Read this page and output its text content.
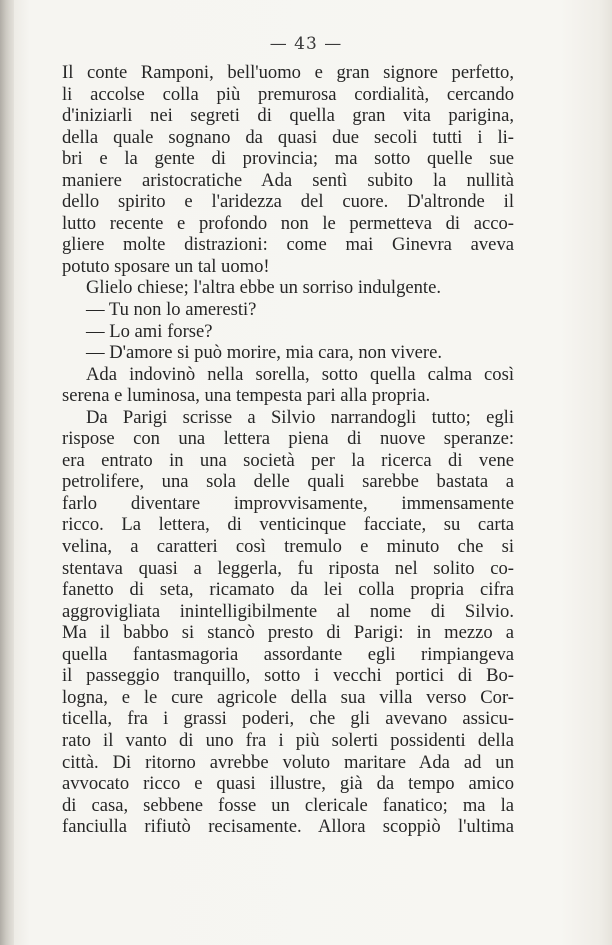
— 43 —
Il conte Ramponi, bell'uomo e gran signore perfetto,
li accolse colla più premurosa cordialità, cercando
d'iniziarli nei segreti di quella gran vita parigina,
della quale sognano da quasi due secoli tutti i li-
bri e la gente di provincia; ma sotto quelle sue
maniere aristocratiche Ada sentì subito la nullità
dello spirito e l'aridezza del cuore. D'altronde il
lutto recente e profondo non le permetteva di acco-
gliere molte distrazioni: come mai Ginevra aveva
potuto sposare un tal uomo!
Glielo chiese; l'altra ebbe un sorriso indulgente.
— Tu non lo ameresti?
— Lo ami forse?
— D'amore si può morire, mia cara, non vivere.
Ada indovinò nella sorella, sotto quella calma così
serena e luminosa, una tempesta pari alla propria.
Da Parigi scrisse a Silvio narrandogli tutto; egli
rispose con una lettera piena di nuove speranze:
era entrato in una società per la ricerca di vene
petrolifere, una sola delle quali sarebbe bastata a
farlo diventare improvvisamente, immensamente
ricco. La lettera, di venticinque facciate, su carta
velina, a caratteri così tremulo e minuto che si
stentava quasi a leggerla, fu riposta nel solito co-
fanetto di seta, ricamato da lei colla propria cifra
aggrovigliata inintelligibilmente al nome di Silvio.
Ma il babbo si stancò presto di Parigi: in mezzo a
quella fantasmagoria assordante egli rimpiangeva
il passeggio tranquillo, sotto i vecchi portici di Bo-
logna, e le cure agricole della sua villa verso Cor-
ticella, fra i grassi poderi, che gli avevano assicu-
rato il vanto di uno fra i più solerti possidenti della
città. Di ritorno avrebbe voluto maritare Ada ad un
avvocato ricco e quasi illustre, già da tempo amico
di casa, sebbene fosse un clericale fanatico; ma la
fanciulla rifiutò recisamente. Allora scoppiò l'ultima
